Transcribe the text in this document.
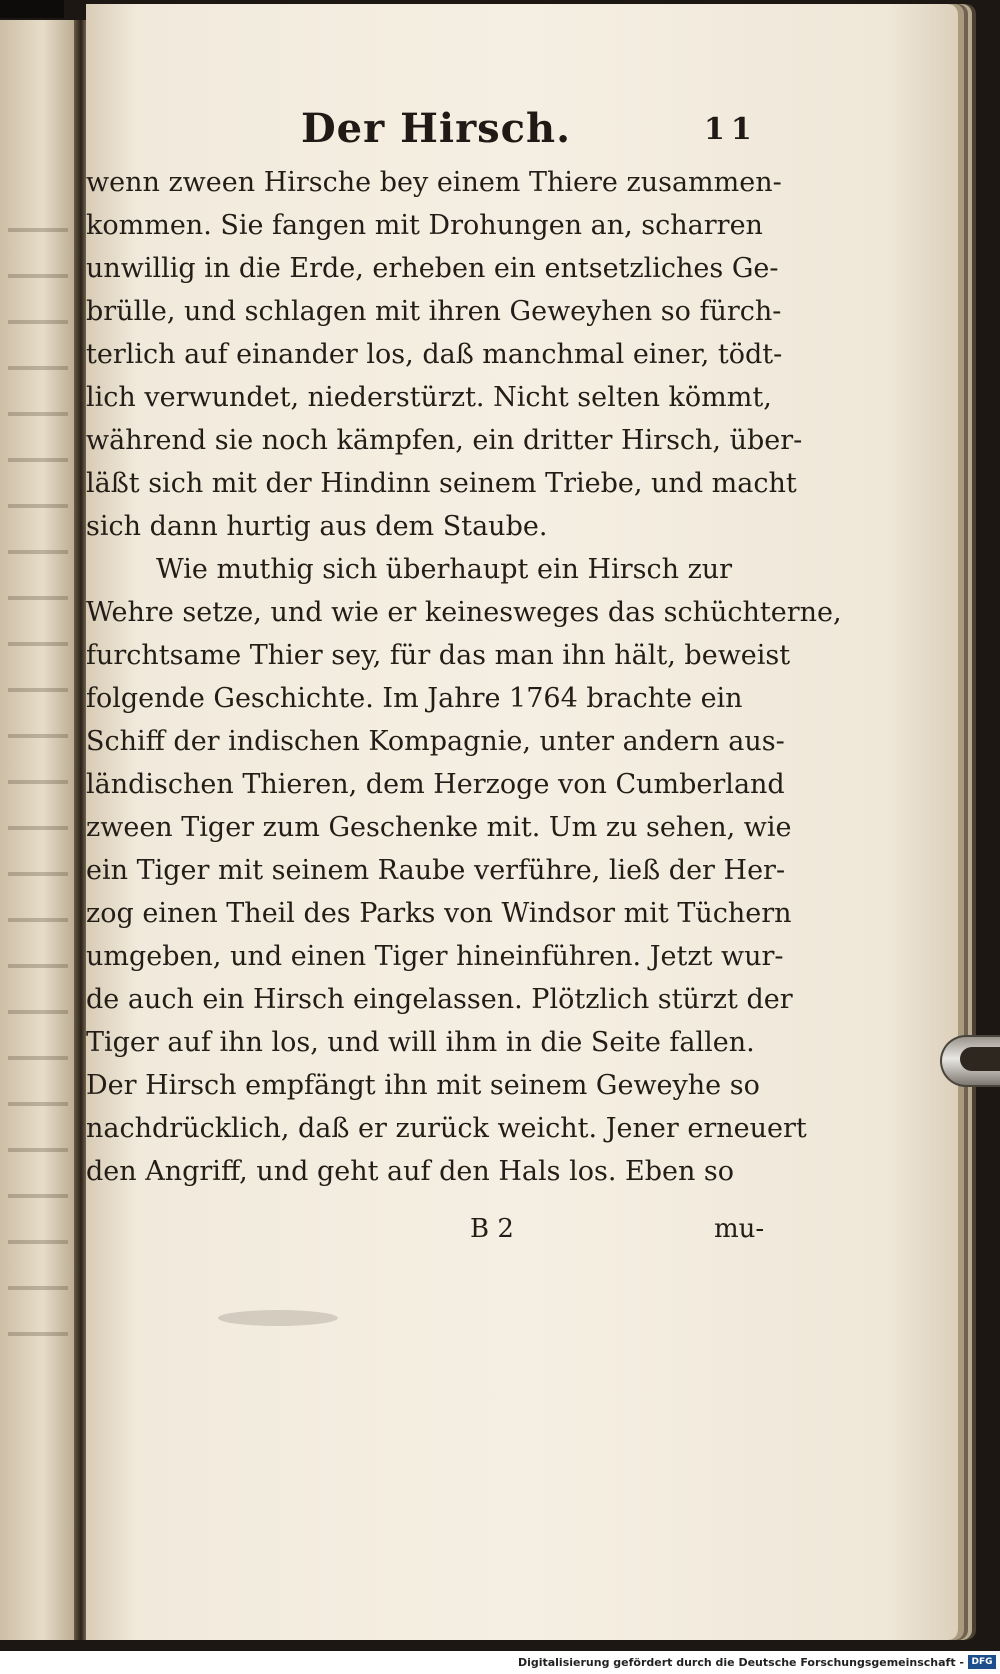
Der Hirsch.	11
wenn zween Hirsche bey einem Thiere zusammen-
kommen. Sie fangen mit Drohungen an, scharren
unwillig in die Erde, erheben ein entsetzliches Ge-
brülle, und schlagen mit ihren Geweyhen so fürch-
terlich auf einander los, daß manchmal einer, tödt-
lich verwundet, niederstürzt. Nicht selten kömmt,
während sie noch kämpfen, ein dritter Hirsch, über-
läßt sich mit der Hindinn seinem Triebe, und macht
sich dann hurtig aus dem Staube.
Wie muthig sich überhaupt ein Hirsch zur
Wehre setze, und wie er keinesweges das schüchterne,
furchtsame Thier sey, für das man ihn hält, beweist
folgende Geschichte. Im Jahre 1764 brachte ein
Schiff der indischen Kompagnie, unter andern aus-
ländischen Thieren, dem Herzoge von Cumberland
zween Tiger zum Geschenke mit. Um zu sehen, wie
ein Tiger mit seinem Raube verführe, ließ der Her-
zog einen Theil des Parks von Windsor mit Tüchern
umgeben, und einen Tiger hineinführen. Jetzt wur-
de auch ein Hirsch eingelassen. Plötzlich stürzt der
Tiger auf ihn los, und will ihm in die Seite fallen.
Der Hirsch empfängt ihn mit seinem Geweyhe so
nachdrücklich, daß er zurück weicht. Jener erneuert
den Angriff, und geht auf den Hals los. Eben so
B 2	mu-
Digitalisierung gefördert durch die Deutsche Forschungsgemeinschaft - DFG
